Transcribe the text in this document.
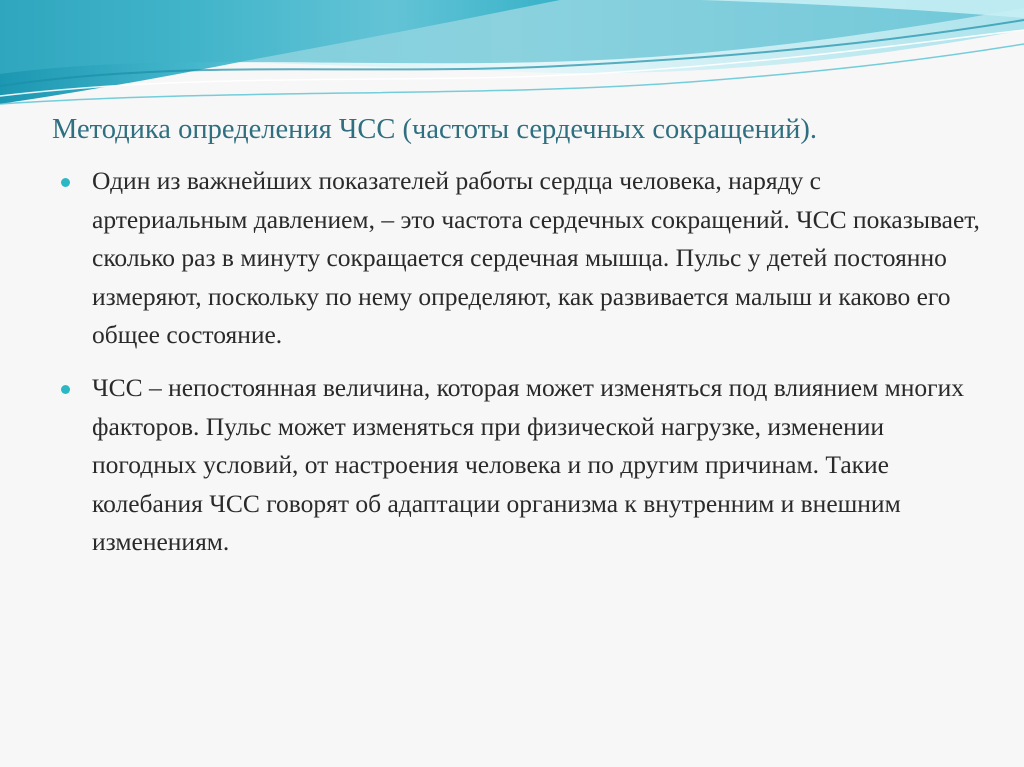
Методика определения ЧСС (частоты сердечных сокращений).
Один из важнейших показателей работы сердца человека, наряду с артериальным давлением, – это частота сердечных сокращений. ЧСС показывает, сколько раз в минуту сокращается сердечная мышца. Пульс у детей постоянно измеряют, поскольку по нему определяют, как развивается малыш и каково его общее состояние.
ЧСС – непостоянная величина, которая может изменяться под влиянием многих факторов. Пульс может изменяться при физической нагрузке, изменении погодных условий, от настроения человека и по другим причинам. Такие колебания ЧСС говорят об адаптации организма к внутренним и внешним изменениям.
